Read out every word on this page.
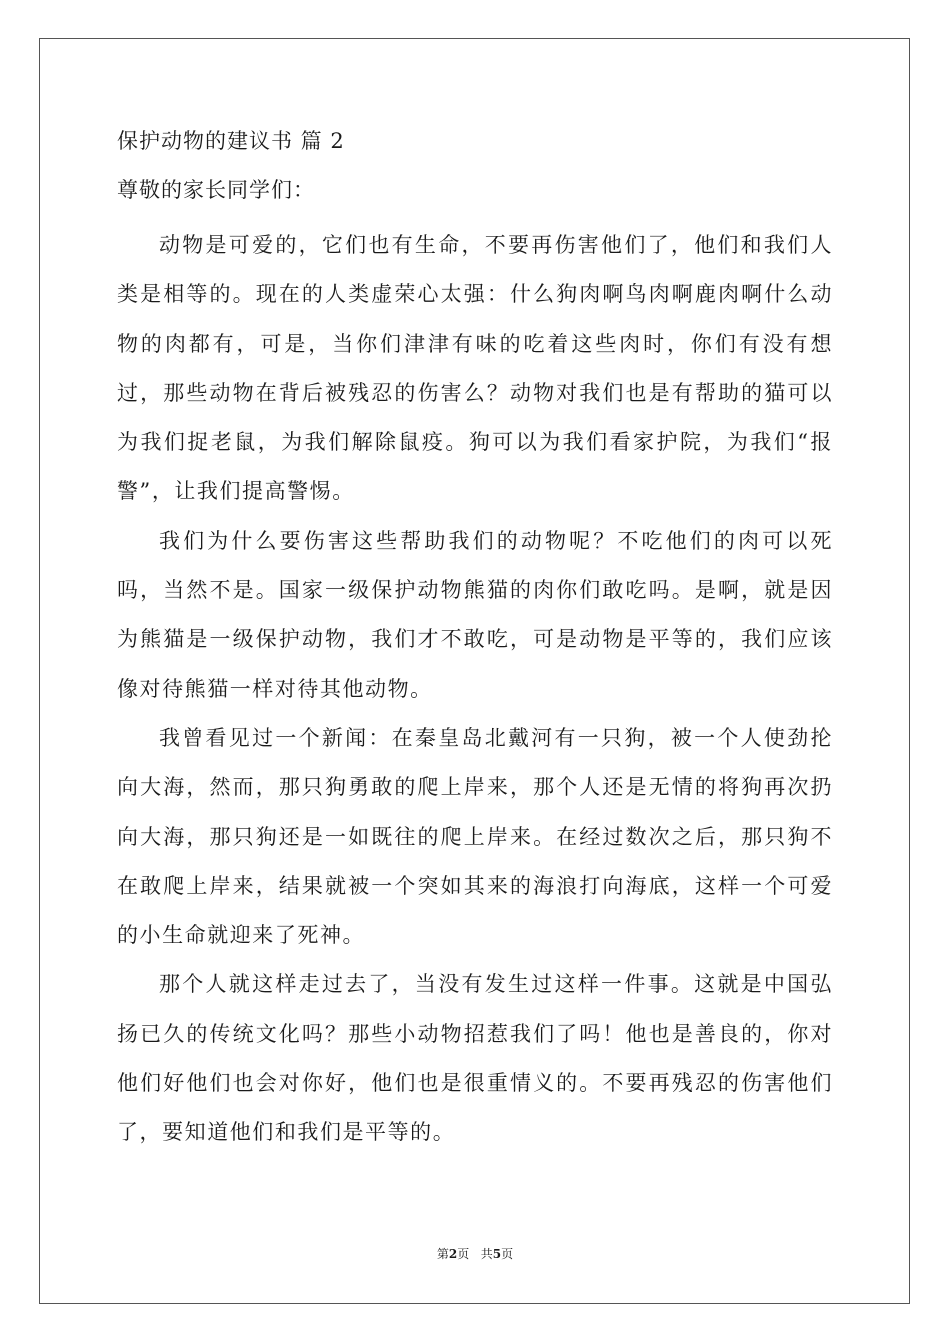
保护动物的建议书 篇 2
尊敬的家长同学们：

动物是可爱的，它们也有生命，不要再伤害他们了，他们和我们人类是相等的。现在的人类虚荣心太强：什么狗肉啊鸟肉啊鹿肉啊什么动物的肉都有，可是，当你们津津有味的吃着这些肉时，你们有没有想过，那些动物在背后被残忍的伤害么？动物对我们也是有帮助的猫可以为我们捉老鼠，为我们解除鼠疫。狗可以为我们看家护院，为我们“报警”，让我们提高警惕。

我们为什么要伤害这些帮助我们的动物呢？不吃他们的肉可以死吗，当然不是。国家一级保护动物熊猫的肉你们敢吃吗。是啊，就是因为熊猫是一级保护动物，我们才不敢吃，可是动物是平等的，我们应该像对待熊猫一样对待其他动物。

我曾看见过一个新闻：在秦皇岛北戴河有一只狗，被一个人使劲抡向大海，然而，那只狗勇敢的爬上岸来，那个人还是无情的将狗再次扔向大海，那只狗还是一如既往的爬上岸来。在经过数次之后，那只狗不在敢爬上岸来，结果就被一个突如其来的海浪打向海底，这样一个可爱的小生命就迎来了死神。

那个人就这样走过去了，当没有发生过这样一件事。这就是中国弘扬已久的传统文化吗？那些小动物招惹我们了吗！他也是善良的，你对他们好他们也会对你好，他们也是很重情义的。不要再残忍的伤害他们了，要知道他们和我们是平等的。

第2页 共5页
